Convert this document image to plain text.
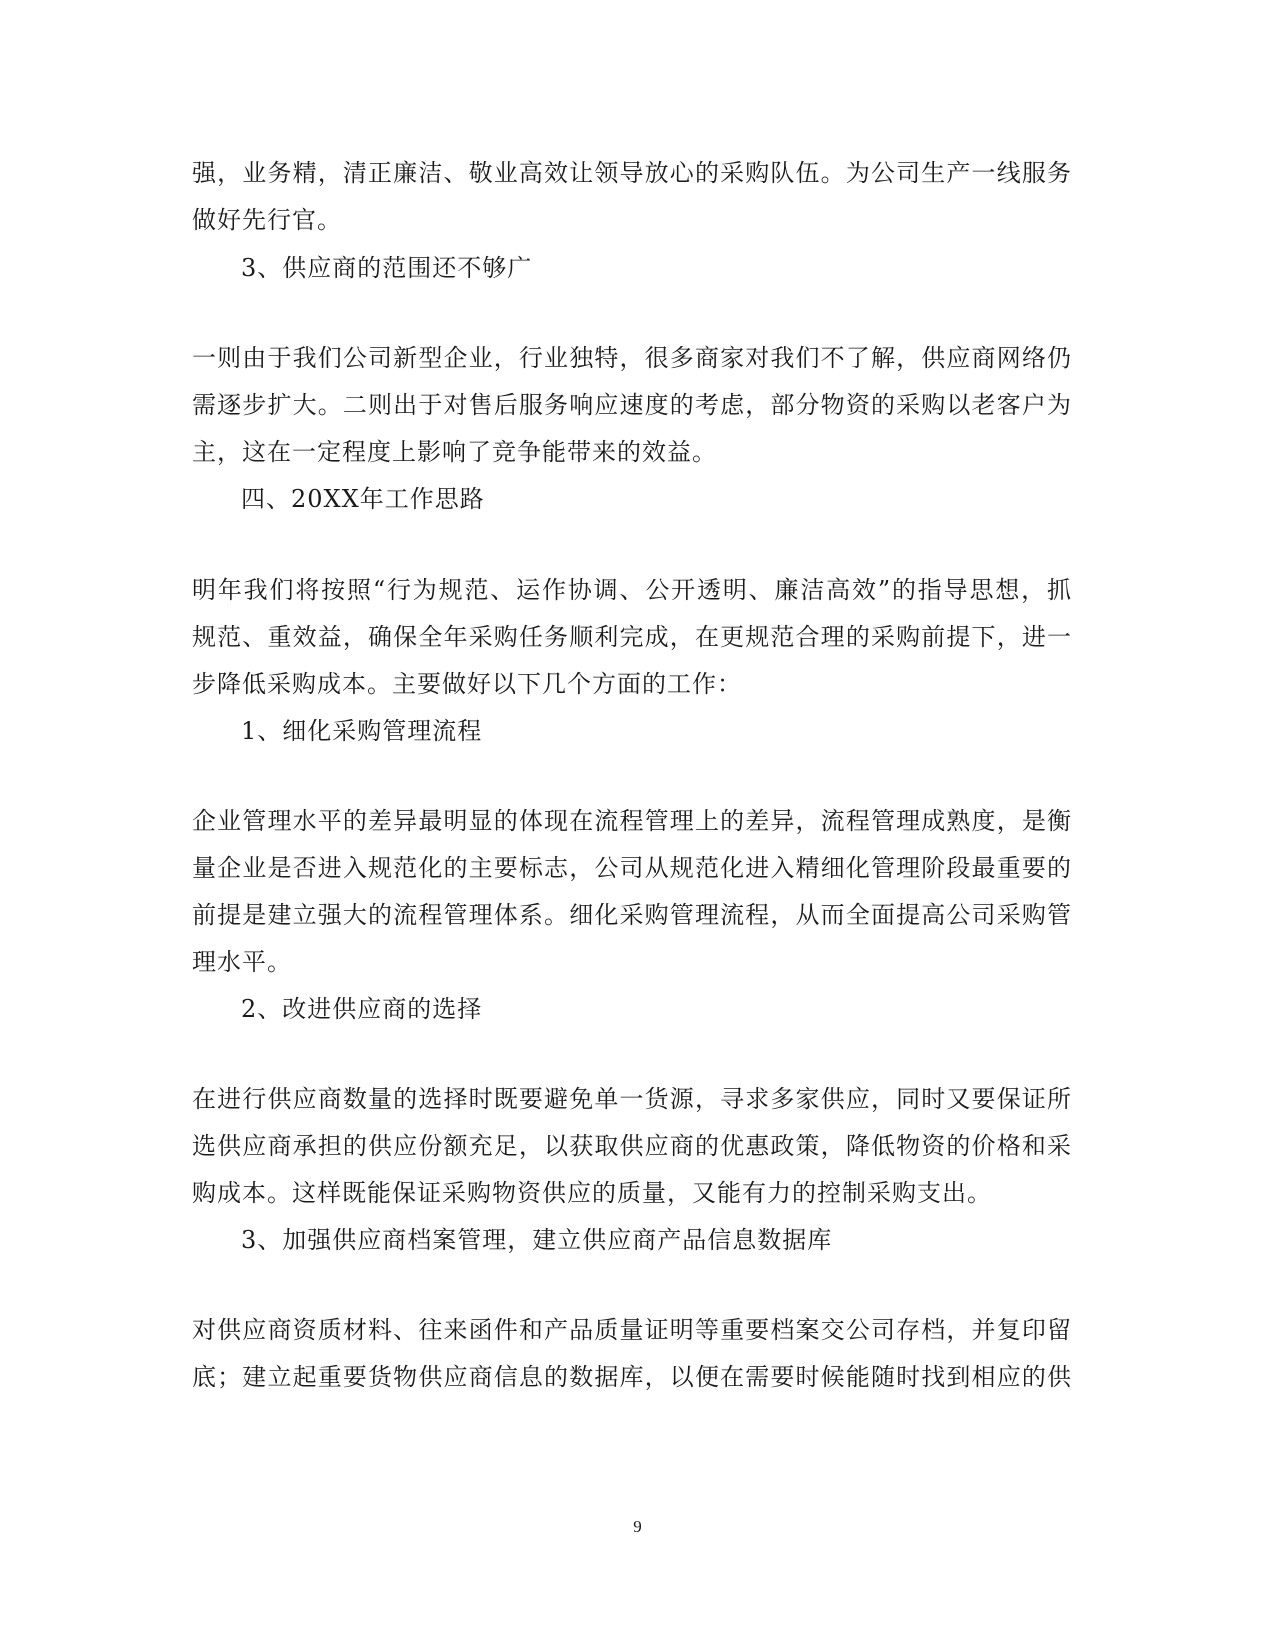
强，业务精，清正廉洁、敬业高效让领导放心的采购队伍。为公司生产一线服务
做好先行官。
3、供应商的范围还不够广
一则由于我们公司新型企业，行业独特，很多商家对我们不了解，供应商网络仍
需逐步扩大。二则出于对售后服务响应速度的考虑，部分物资的采购以老客户为
主，这在一定程度上影响了竞争能带来的效益。
四、20XX年工作思路
明年我们将按照“行为规范、运作协调、公开透明、廉洁高效”的指导思想，抓
规范、重效益，确保全年采购任务顺利完成，在更规范合理的采购前提下，进一
步降低采购成本。主要做好以下几个方面的工作：
1、细化采购管理流程
企业管理水平的差异最明显的体现在流程管理上的差异，流程管理成熟度，是衡
量企业是否进入规范化的主要标志，公司从规范化进入精细化管理阶段最重要的
前提是建立强大的流程管理体系。细化采购管理流程，从而全面提高公司采购管
理水平。
2、改进供应商的选择
在进行供应商数量的选择时既要避免单一货源，寻求多家供应，同时又要保证所
选供应商承担的供应份额充足，以获取供应商的优惠政策，降低物资的价格和采
购成本。这样既能保证采购物资供应的质量，又能有力的控制采购支出。
3、加强供应商档案管理，建立供应商产品信息数据库
对供应商资质材料、往来函件和产品质量证明等重要档案交公司存档，并复印留
底；建立起重要货物供应商信息的数据库，以便在需要时候能随时找到相应的供
9
